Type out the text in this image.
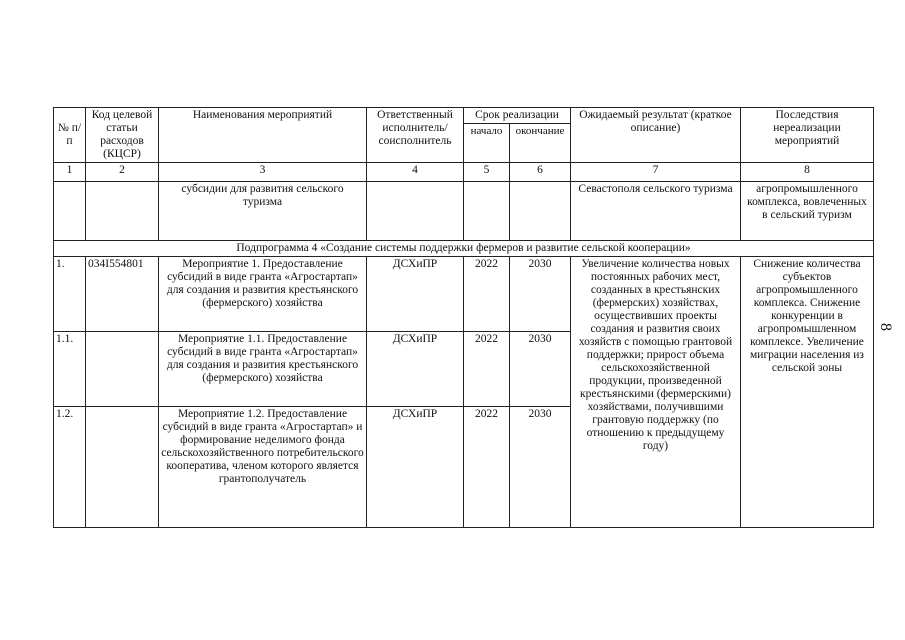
№ п/п	Код целевой статьи расходов (КЦСР)	Наименования мероприятий	Ответственный исполнитель/ соисполнитель	Срок реализации		Ожидаемый результат (краткое описание)	Последствия нереализации мероприятий
				начало	окончание		
1	2	3	4	5	6	7	8
		субсидии для развития сельского туризма				Севастополя сельского туризма	агропромышленного комплекса, вовлеченных в сельский туризм
Подпрограмма 4 «Создание системы поддержки фермеров и развитие сельской кооперации»							
1.	034I554801	Мероприятие 1. Предоставление субсидий в виде гранта «Агростартап» для создания и развития крестьянского (фермерского) хозяйства	ДСХиПР	2022	2030	Увеличение количества новых постоянных рабочих мест, созданных в крестьянских (фермерских) хозяйствах, осуществивших проекты создания и развития своих хозяйств с помощью грантовой поддержки; прирост объема сельскохозяйственной продукции, произведенной крестьянскими (фермерскими) хозяйствами, получившими грантовую поддержку (по отношению к предыдущему году)	Снижение количества субъектов агропромышленного комплекса. Снижение конкуренции в агропромышленном комплексе. Увеличение миграции населения из сельской зоны
1.1.		Мероприятие 1.1. Предоставление субсидий в виде гранта «Агростартап» для создания и развития крестьянского (фермерского) хозяйства	ДСХиПР	2022	2030		
1.2.		Мероприятие 1.2. Предоставление субсидий в виде гранта «Агростартап» и формирование неделимого фонда сельскохозяйственного потребительского кооператива, членом которого является грантополучатель	ДСХиПР	2022	2030		
8
